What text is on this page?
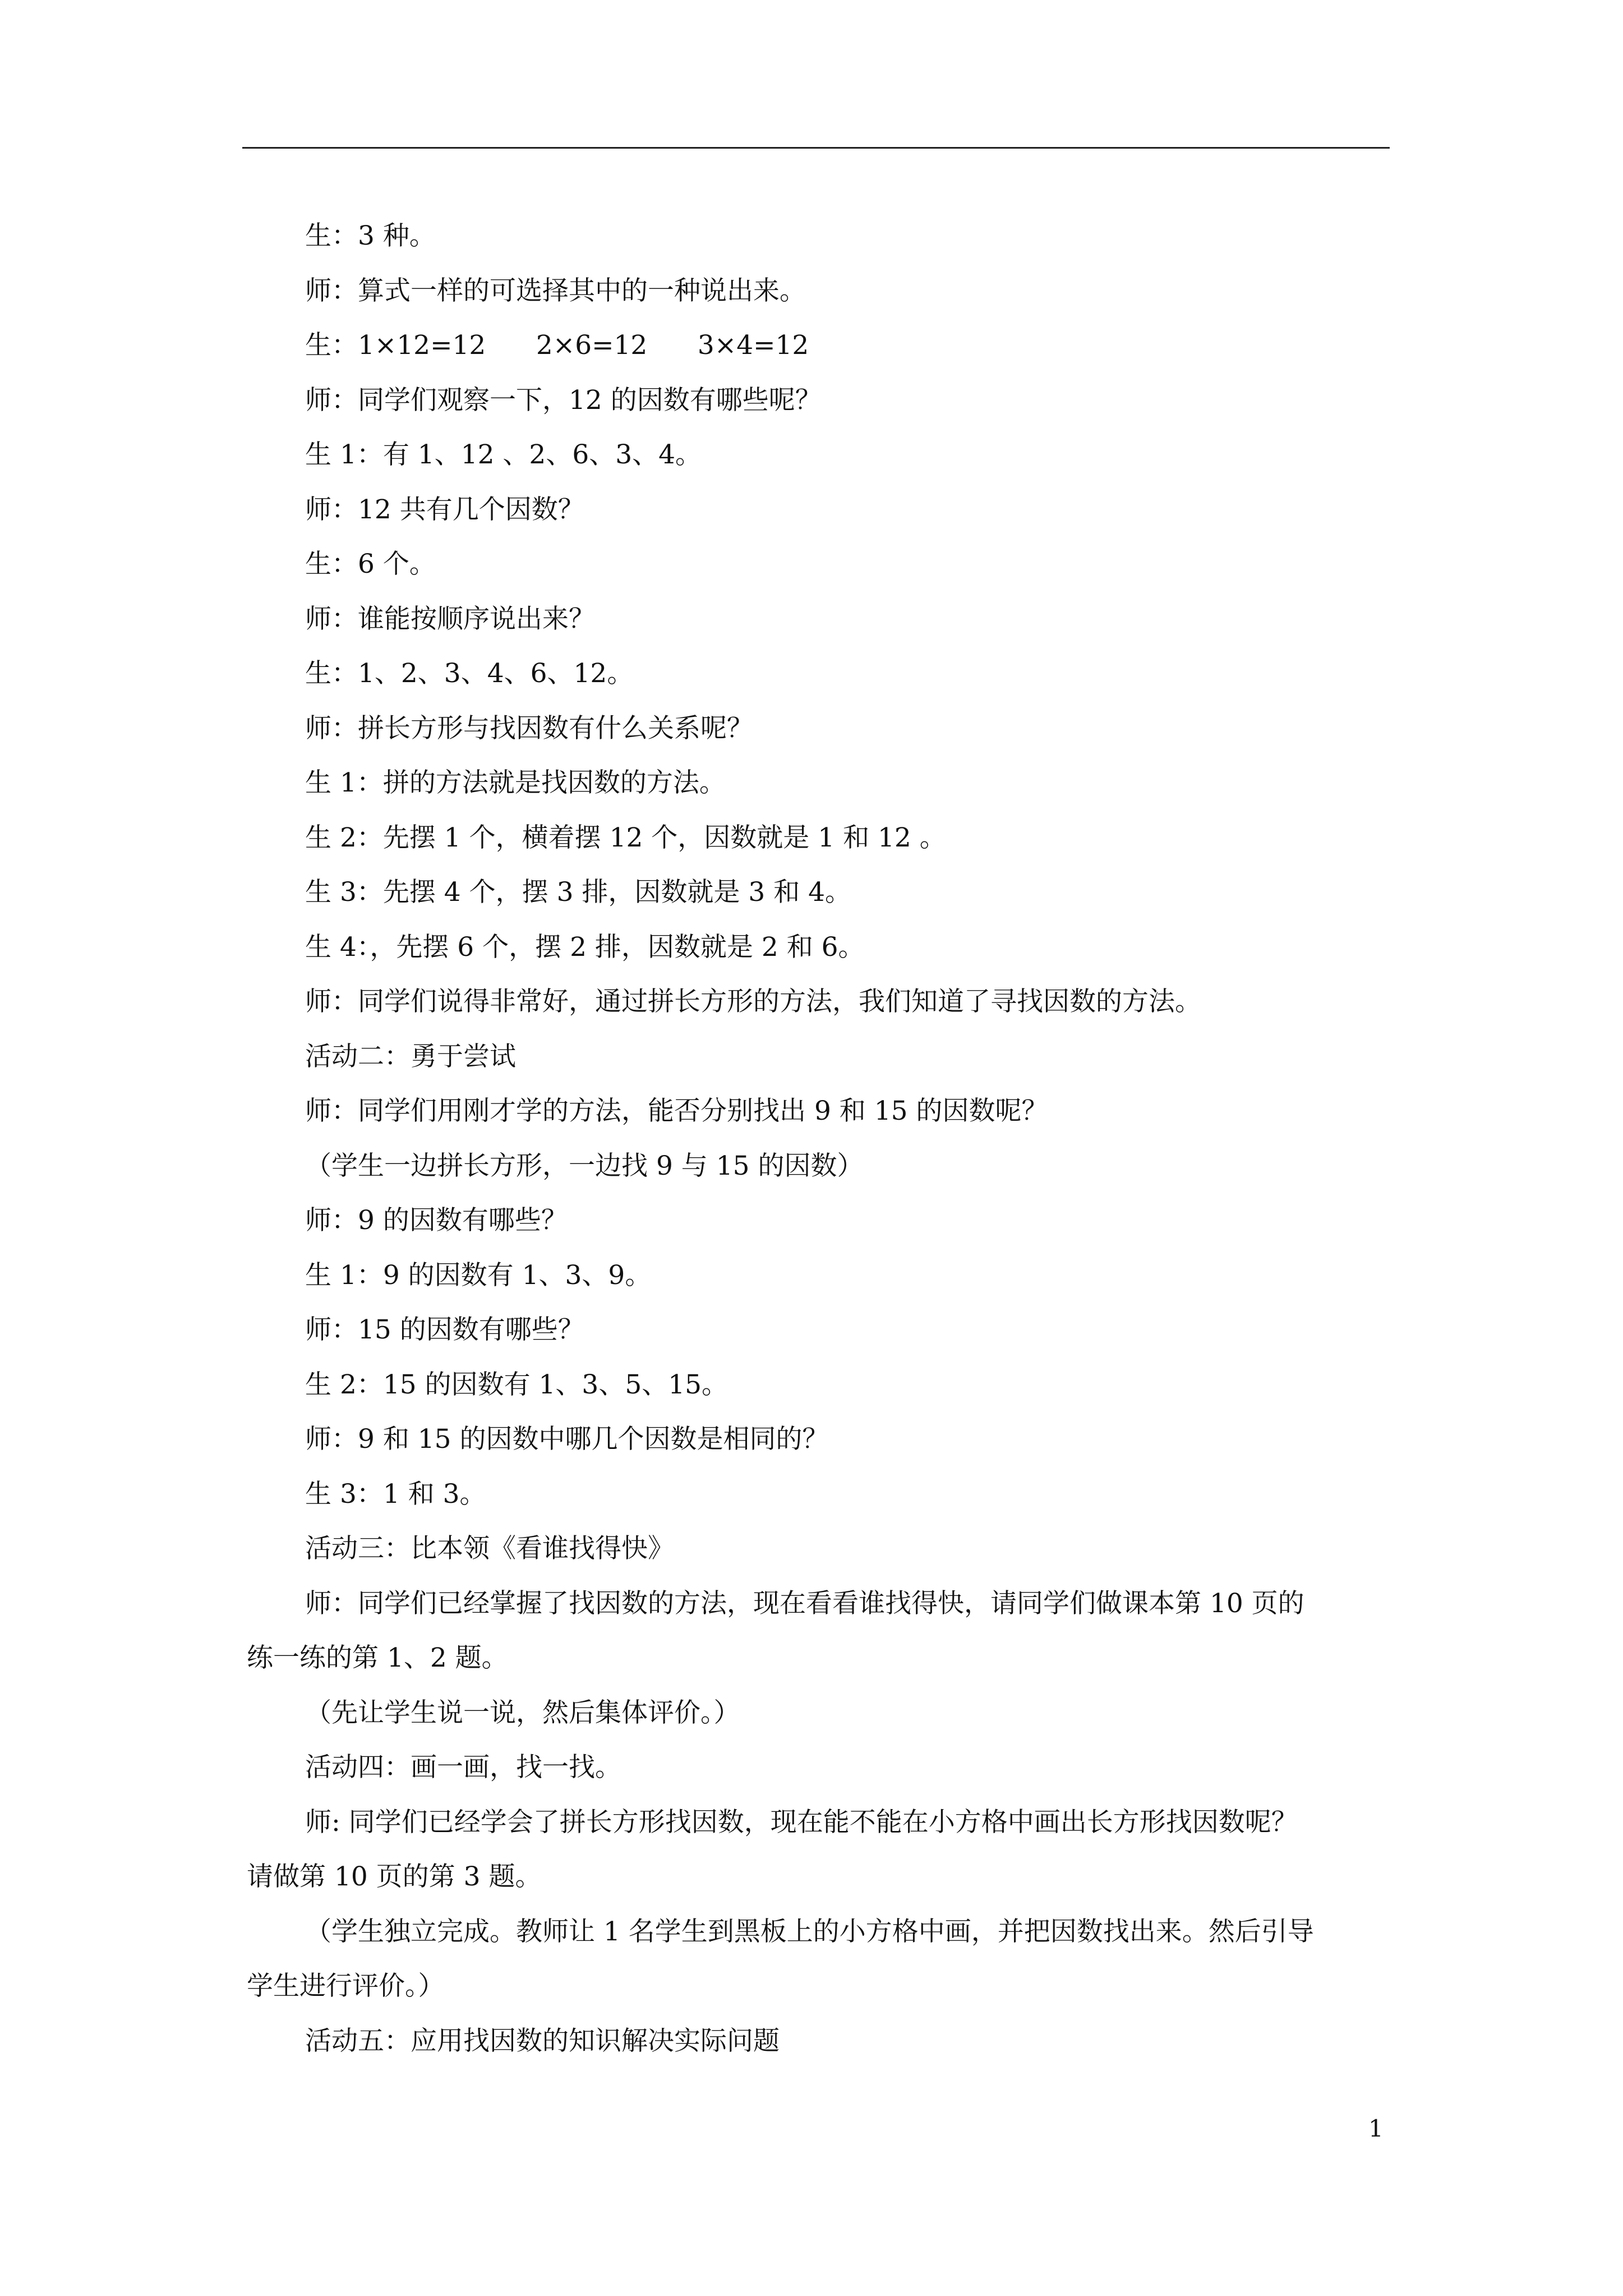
生：3 种。
师：算式一样的可选择其中的一种说出来。
生：1×12=12      2×6=12      3×4=12
师：同学们观察一下，12 的因数有哪些呢？
生 1：有 1、12 、2、6、3、4。
师：12 共有几个因数？
生：6 个。
师：谁能按顺序说出来？
生：1、2、3、4、6、12。
师：拼长方形与找因数有什么关系呢？
生 1：拼的方法就是找因数的方法。
生 2：先摆 1 个，横着摆 12 个，因数就是 1 和 12 。
生 3：先摆 4 个，摆 3 排，因数就是 3 和 4。
生 4：，先摆 6 个，摆 2 排，因数就是 2 和 6。
师：同学们说得非常好，通过拼长方形的方法，我们知道了寻找因数的方法。
活动二：勇于尝试
师：同学们用刚才学的方法，能否分别找出 9 和 15 的因数呢？
（学生一边拼长方形，一边找 9 与 15 的因数）
师：9 的因数有哪些？
生 1：9 的因数有 1、3、9。
师：15 的因数有哪些？
生 2：15 的因数有 1、3、5、15。
师：9 和 15 的因数中哪几个因数是相同的？
生 3：1 和 3。
活动三：比本领《看谁找得快》
师：同学们已经掌握了找因数的方法，现在看看谁找得快，请同学们做课本第 10 页的
练一练的第 1、2 题。
（先让学生说一说，然后集体评价。）
活动四：画一画，找一找。
师: 同学们已经学会了拼长方形找因数，现在能不能在小方格中画出长方形找因数呢？
请做第 10 页的第 3 题。
（学生独立完成。教师让 1 名学生到黑板上的小方格中画，并把因数找出来。然后引导
学生进行评价。）
活动五：应用找因数的知识解决实际问题
1
